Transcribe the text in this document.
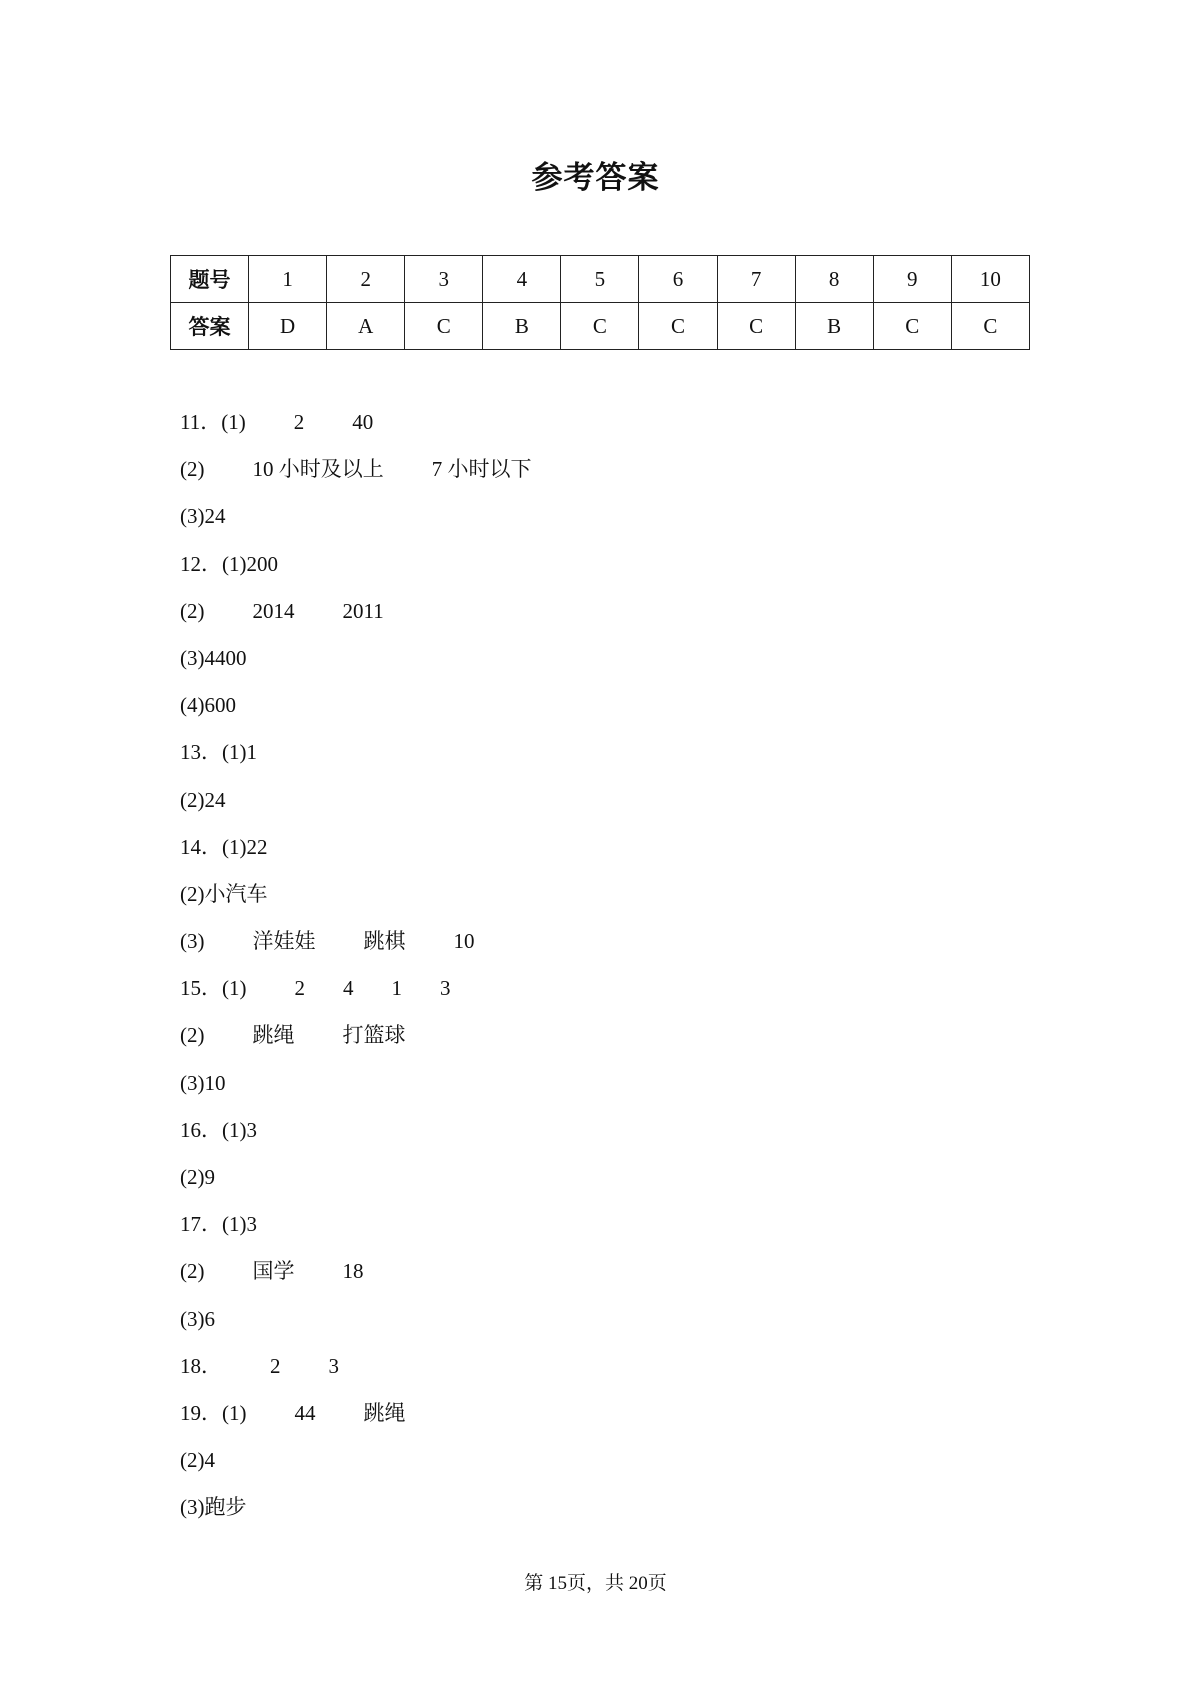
参考答案
题号	1	2	3	4	5	6	7	8	9	10
答案	D	A	C	B	C	C	C	B	C	C
11．(1) 2 40
(2) 10 小时及以上 7 小时以下
(3)24
12．(1)200
(2) 2014 2011
(3)4400
(4)600
13．(1)1
(2)24
14．(1)22
(2)小汽车
(3) 洋娃娃 跳棋 10
15．(1) 2 4 1 3
(2) 跳绳 打篮球
(3)10
16．(1)3
(2)9
17．(1)3
(2) 国学 18
(3)6
18． 2 3
19．(1) 44 跳绳
(2)4
(3)跑步
第 15页，共 20页
